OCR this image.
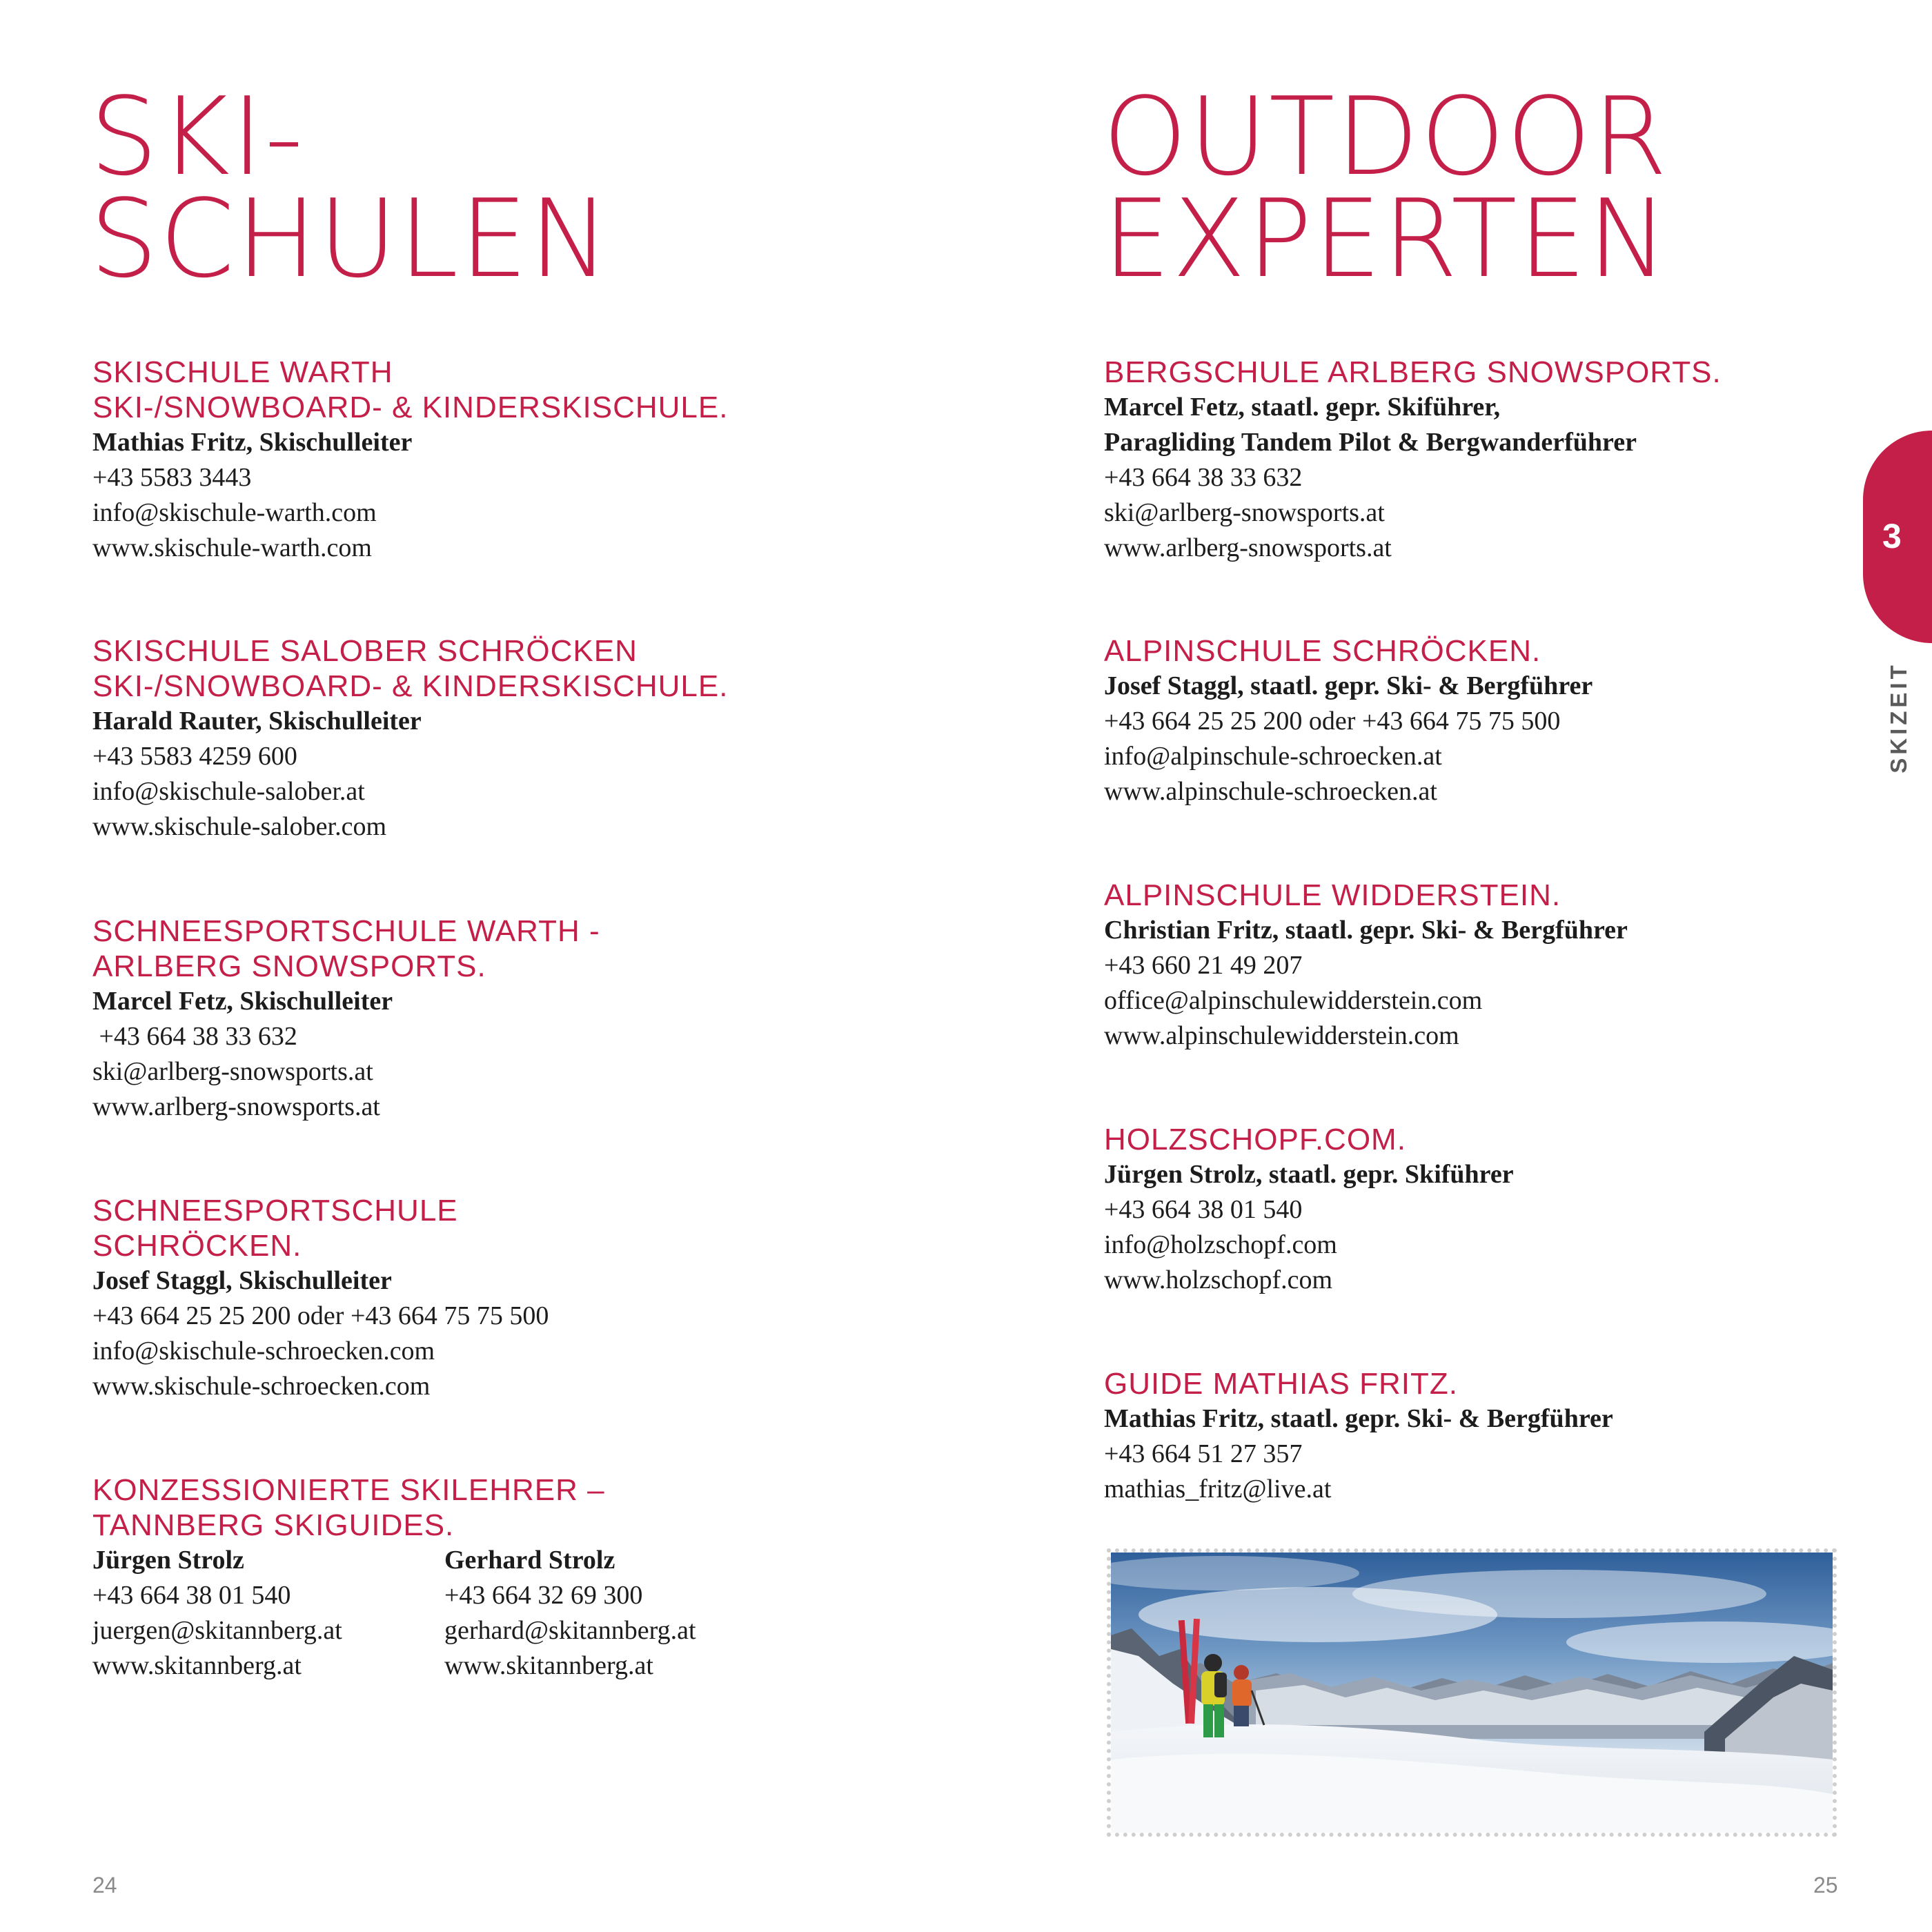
SKI-
SCHULEN
SKISCHULE WARTH
SKI-/SNOWBOARD- & KINDERSKISCHULE.
Mathias Fritz, Skischulleiter
+43 5583 3443
info@skischule-warth.com
www.skischule-warth.com
SKISCHULE SALOBER SCHRÖCKEN
SKI-/SNOWBOARD- & KINDERSKISCHULE.
Harald Rauter, Skischulleiter
+43 5583 4259 600
info@skischule-salober.at
www.skischule-salober.com
SCHNEESPORTSCHULE WARTH -
ARLBERG SNOWSPORTS.
Marcel Fetz, Skischulleiter
+43 664 38 33 632
ski@arlberg-snowsports.at
www.arlberg-snowsports.at
SCHNEESPORTSCHULE
SCHRÖCKEN.
Josef Staggl, Skischulleiter
+43 664 25 25 200 oder +43 664 75 75 500
info@skischule-schroecken.com
www.skischule-schroecken.com
KONZESSIONIERTE SKILEHRER –
TANNBERG SKIGUIDES.
Jürgen Strolz
+43 664 38 01 540
juergen@skitannberg.at
www.skitannberg.at
Gerhard Strolz
+43 664 32 69 300
gerhard@skitannberg.at
www.skitannberg.at
24
OUTDOOR
EXPERTEN
BERGSCHULE ARLBERG SNOWSPORTS.
Marcel Fetz, staatl. gepr. Skiführer,
Paragliding Tandem Pilot & Bergwanderführer
+43 664 38 33 632
ski@arlberg-snowsports.at
www.arlberg-snowsports.at
ALPINSCHULE SCHRÖCKEN.
Josef Staggl, staatl. gepr. Ski- & Bergführer
+43 664 25 25 200 oder +43 664 75 75 500
info@alpinschule-schroecken.at
www.alpinschule-schroecken.at
ALPINSCHULE WIDDERSTEIN.
Christian Fritz, staatl. gepr. Ski- & Bergführer
+43 660 21 49 207
office@alpinschulewidderstein.com
www.alpinschulewidderstein.com
HOLZSCHOPF.COM.
Jürgen Strolz, staatl. gepr. Skiführer
+43 664 38 01 540
info@holzschopf.com
www.holzschopf.com
GUIDE MATHIAS FRITZ.
Mathias Fritz, staatl. gepr. Ski- & Bergführer
+43 664 51 27 357
mathias_fritz@live.at
25
3
SKIZEIT
